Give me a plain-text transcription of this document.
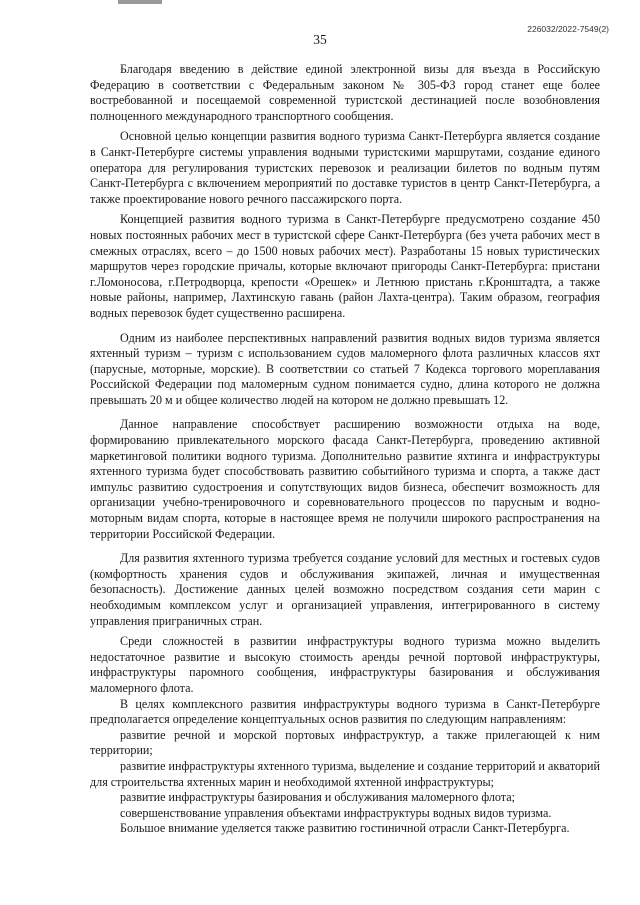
226032/2022-7549(2)
35

Благодаря введению в действие единой электронной визы для въезда в Российскую Федерацию в соответствии с Федеральным законом № 305-ФЗ город станет еще более востребованной и посещаемой современной туристской дестинацией после возобновления полноценного международного транспортного сообщения.

Основной целью концепции развития водного туризма Санкт-Петербурга является создание в Санкт-Петербурге системы управления водными туристскими маршрутами, создание единого оператора для регулирования туристских перевозок и реализации билетов по водным путям Санкт-Петербурга с включением мероприятий по доставке туристов в центр Санкт-Петербурга, а также проектирование нового речного пассажирского порта.

Концепцией развития водного туризма в Санкт-Петербурге предусмотрено создание 450 новых постоянных рабочих мест в туристской сфере Санкт-Петербурга (без учета рабочих мест в смежных отраслях, всего – до 1500 новых рабочих мест). Разработаны 15 новых туристических маршрутов через городские причалы, которые включают пригороды Санкт-Петербурга: пристани г.Ломоносова, г.Петродворца, крепости «Орешек» и Летнюю пристань г.Кронштадта, а также новые районы, например, Лахтинскую гавань (район Лахта-центра). Таким образом, география водных перевозок будет существенно расширена.

Одним из наиболее перспективных направлений развития водных видов туризма является яхтенный туризм – туризм с использованием судов маломерного флота различных классов яхт (парусные, моторные, морские). В соответствии со статьей 7 Кодекса торгового мореплавания Российской Федерации под маломерным судном понимается судно, длина которого не должна превышать 20 м и общее количество людей на котором не должно превышать 12.

Данное направление способствует расширению возможности отдыха на воде, формированию привлекательного морского фасада Санкт-Петербурга, проведению активной маркетинговой политики водного туризма. Дополнительно развитие яхтинга и инфраструктуры яхтенного туризма будет способствовать развитию событийного туризма и спорта, а также даст импульс развитию судостроения и сопутствующих видов бизнеса, обеспечит возможность для организации учебно-тренировочного и соревновательного процессов по парусным и водно-моторным видам спорта, которые в настоящее время не получили широкого распространения на территории Российской Федерации.

Для развития яхтенного туризма требуется создание условий для местных и гостевых судов (комфортность хранения судов и обслуживания экипажей, личная и имущественная безопасность). Достижение данных целей возможно посредством создания сети марин с необходимым комплексом услуг и организацией управления, интегрированного в систему управления приграничных стран.

Среди сложностей в развитии инфраструктуры водного туризма можно выделить недостаточное развитие и высокую стоимость аренды речной портовой инфраструктуры, инфраструктуры паромного сообщения, инфраструктуры базирования и обслуживания маломерного флота.

В целях комплексного развития инфраструктуры водного туризма в Санкт-Петербурге предполагается определение концептуальных основ развития по следующим направлениям:

развитие речной и морской портовых инфраструктур, а также прилегающей к ним территории;

развитие инфраструктуры яхтенного туризма, выделение и создание территорий и акваторий для строительства яхтенных марин и необходимой яхтенной инфраструктуры;

развитие инфраструктуры базирования и обслуживания маломерного флота;

совершенствование управления объектами инфраструктуры водных видов туризма.

Большое внимание уделяется также развитию гостиничной отрасли Санкт-Петербурга.
